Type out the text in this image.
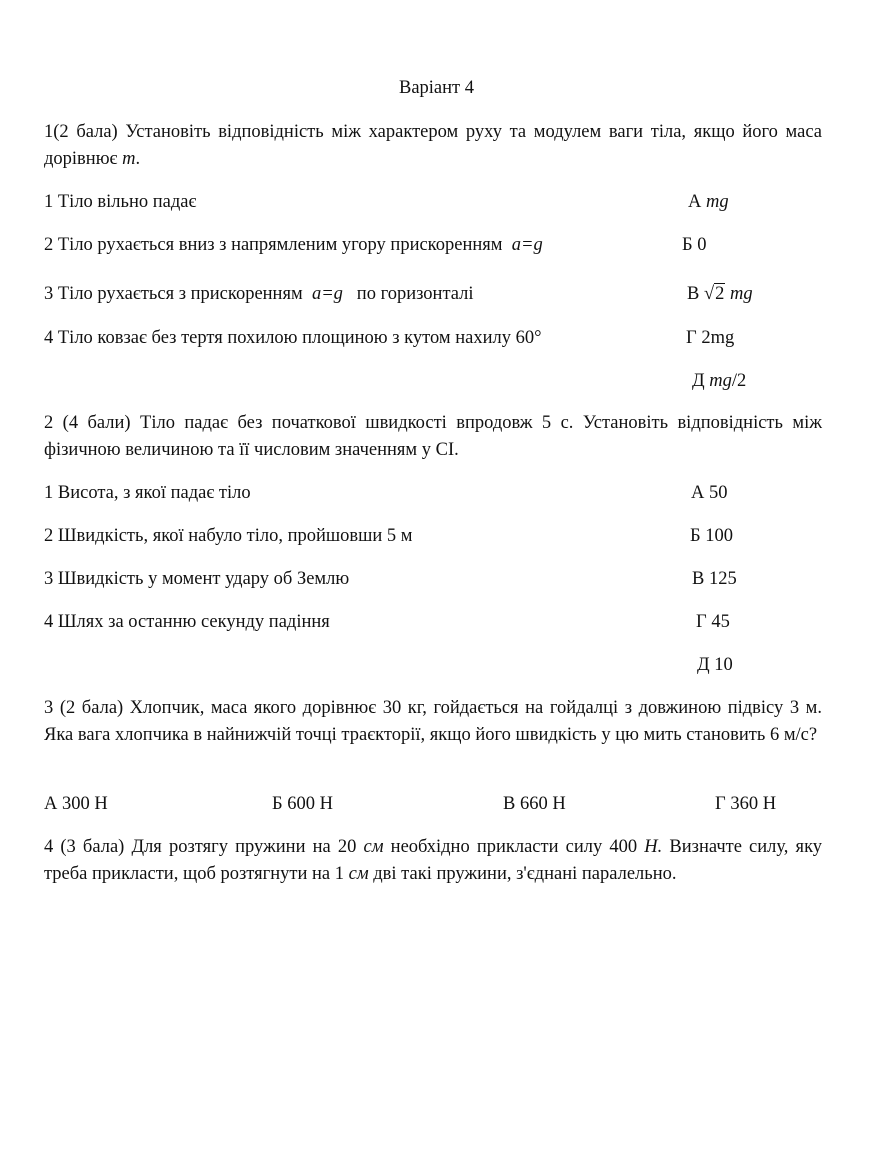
Варіант 4
1(2 бала) Установіть відповідність між характером руху та модулем ваги тіла, якщо його маса дорівнює m.
1 Тіло вільно падає	А mg
2 Тіло рухається вниз з напрямленим угору прискоренням a=g	Б 0
3 Тіло рухається з прискоренням a=g по горизонталі	В √2 mg
4 Тіло ковзає без тертя похилою площиною з кутом нахилу 60°	Г 2mg
Д mg/2
2 (4 бали) Тіло падає без початкової швидкості впродовж 5 с. Установіть відповідність між фізичною величиною та її числовим значенням у СІ.
1 Висота, з якої падає тіло	А 50
2 Швидкість, якої набуло тіло, пройшовши 5 м	Б 100
3 Швидкість у момент удару об Землю	В 125
4 Шлях за останню секунду падіння	Г 45
Д 10
3 (2 бала) Хлопчик, маса якого дорівнює 30 кг, гойдається на гойдалці з довжиною підвісу 3 м. Яка вага хлопчика в найнижчій точці траєкторії, якщо його швидкість у цю мить становить 6 м/с?
А 300 Н	Б 600 Н	В 660 Н	Г 360 Н
4 (3 бала) Для розтягу пружини на 20 см необхідно прикласти силу 400 Н. Визначте силу, яку треба прикласти, щоб розтягнути на 1 см дві такі пружини, з'єднані паралельно.
